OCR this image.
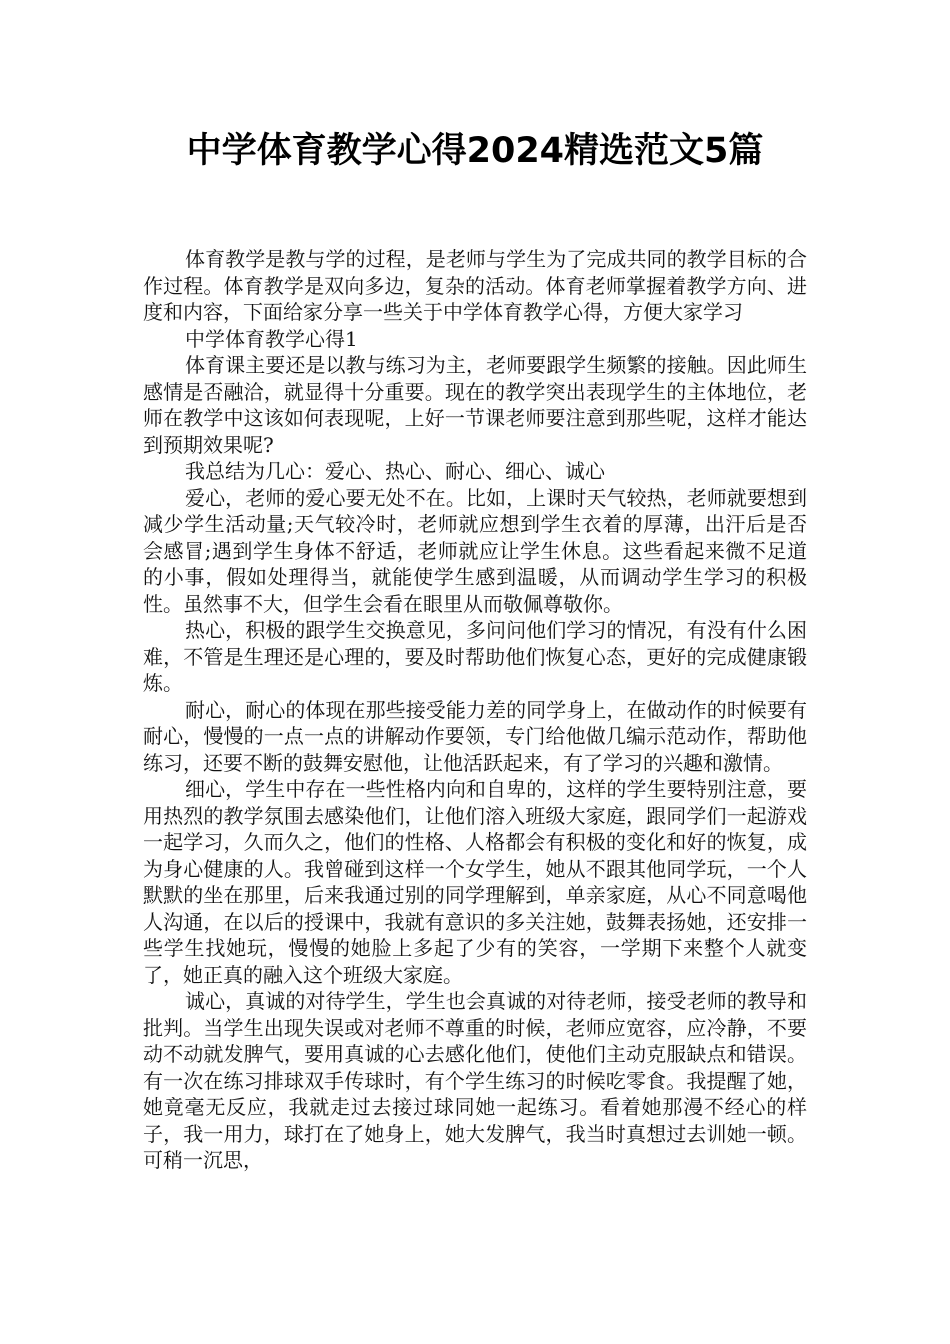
中学体育教学心得2024精选范文5篇

体育教学是教与学的过程，是老师与学生为了完成共同的教学目标的合作过程。体育教学是双向多边，复杂的活动。体育老师掌握着教学方向、进度和内容，下面给家分享一些关于中学体育教学心得，方便大家学习

中学体育教学心得1

体育课主要还是以教与练习为主，老师要跟学生频繁的接触。因此师生感情是否融洽，就显得十分重要。现在的教学突出表现学生的主体地位，老师在教学中这该如何表现呢，上好一节课老师要注意到那些呢，这样才能达到预期效果呢?

我总结为几心：爱心、热心、耐心、细心、诚心

爱心，老师的爱心要无处不在。比如，上课时天气较热，老师就要想到减少学生活动量;天气较冷时，老师就应想到学生衣着的厚薄，出汗后是否会感冒;遇到学生身体不舒适，老师就应让学生休息。这些看起来微不足道的小事，假如处理得当，就能使学生感到温暖，从而调动学生学习的积极性。虽然事不大，但学生会看在眼里从而敬佩尊敬你。

热心，积极的跟学生交换意见，多问问他们学习的情况，有没有什么困难，不管是生理还是心理的，要及时帮助他们恢复心态，更好的完成健康锻炼。

耐心，耐心的体现在那些接受能力差的同学身上，在做动作的时候要有耐心，慢慢的一点一点的讲解动作要领，专门给他做几编示范动作，帮助他练习，还要不断的鼓舞安慰他，让他活跃起来，有了学习的兴趣和激情。

细心，学生中存在一些性格内向和自卑的，这样的学生要特别注意，要用热烈的教学氛围去感染他们，让他们溶入班级大家庭，跟同学们一起游戏一起学习，久而久之，他们的性格、人格都会有积极的变化和好的恢复，成为身心健康的人。我曾碰到这样一个女学生，她从不跟其他同学玩，一个人默默的坐在那里，后来我通过别的同学理解到，单亲家庭，从心不同意喝他人沟通，在以后的授课中，我就有意识的多关注她，鼓舞表扬她，还安排一些学生找她玩，慢慢的她脸上多起了少有的笑容，一学期下来整个人就变了，她正真的融入这个班级大家庭。

诚心，真诚的对待学生，学生也会真诚的对待老师，接受老师的教导和批判。当学生出现失误或对老师不尊重的时候，老师应宽容，应冷静，不要动不动就发脾气，要用真诚的心去感化他们，使他们主动克服缺点和错误。有一次在练习排球双手传球时，有个学生练习的时候吃零食。我提醒了她，她竟毫无反应，我就走过去接过球同她一起练习。看着她那漫不经心的样子，我一用力，球打在了她身上，她大发脾气，我当时真想过去训她一顿。可稍一沉思，
